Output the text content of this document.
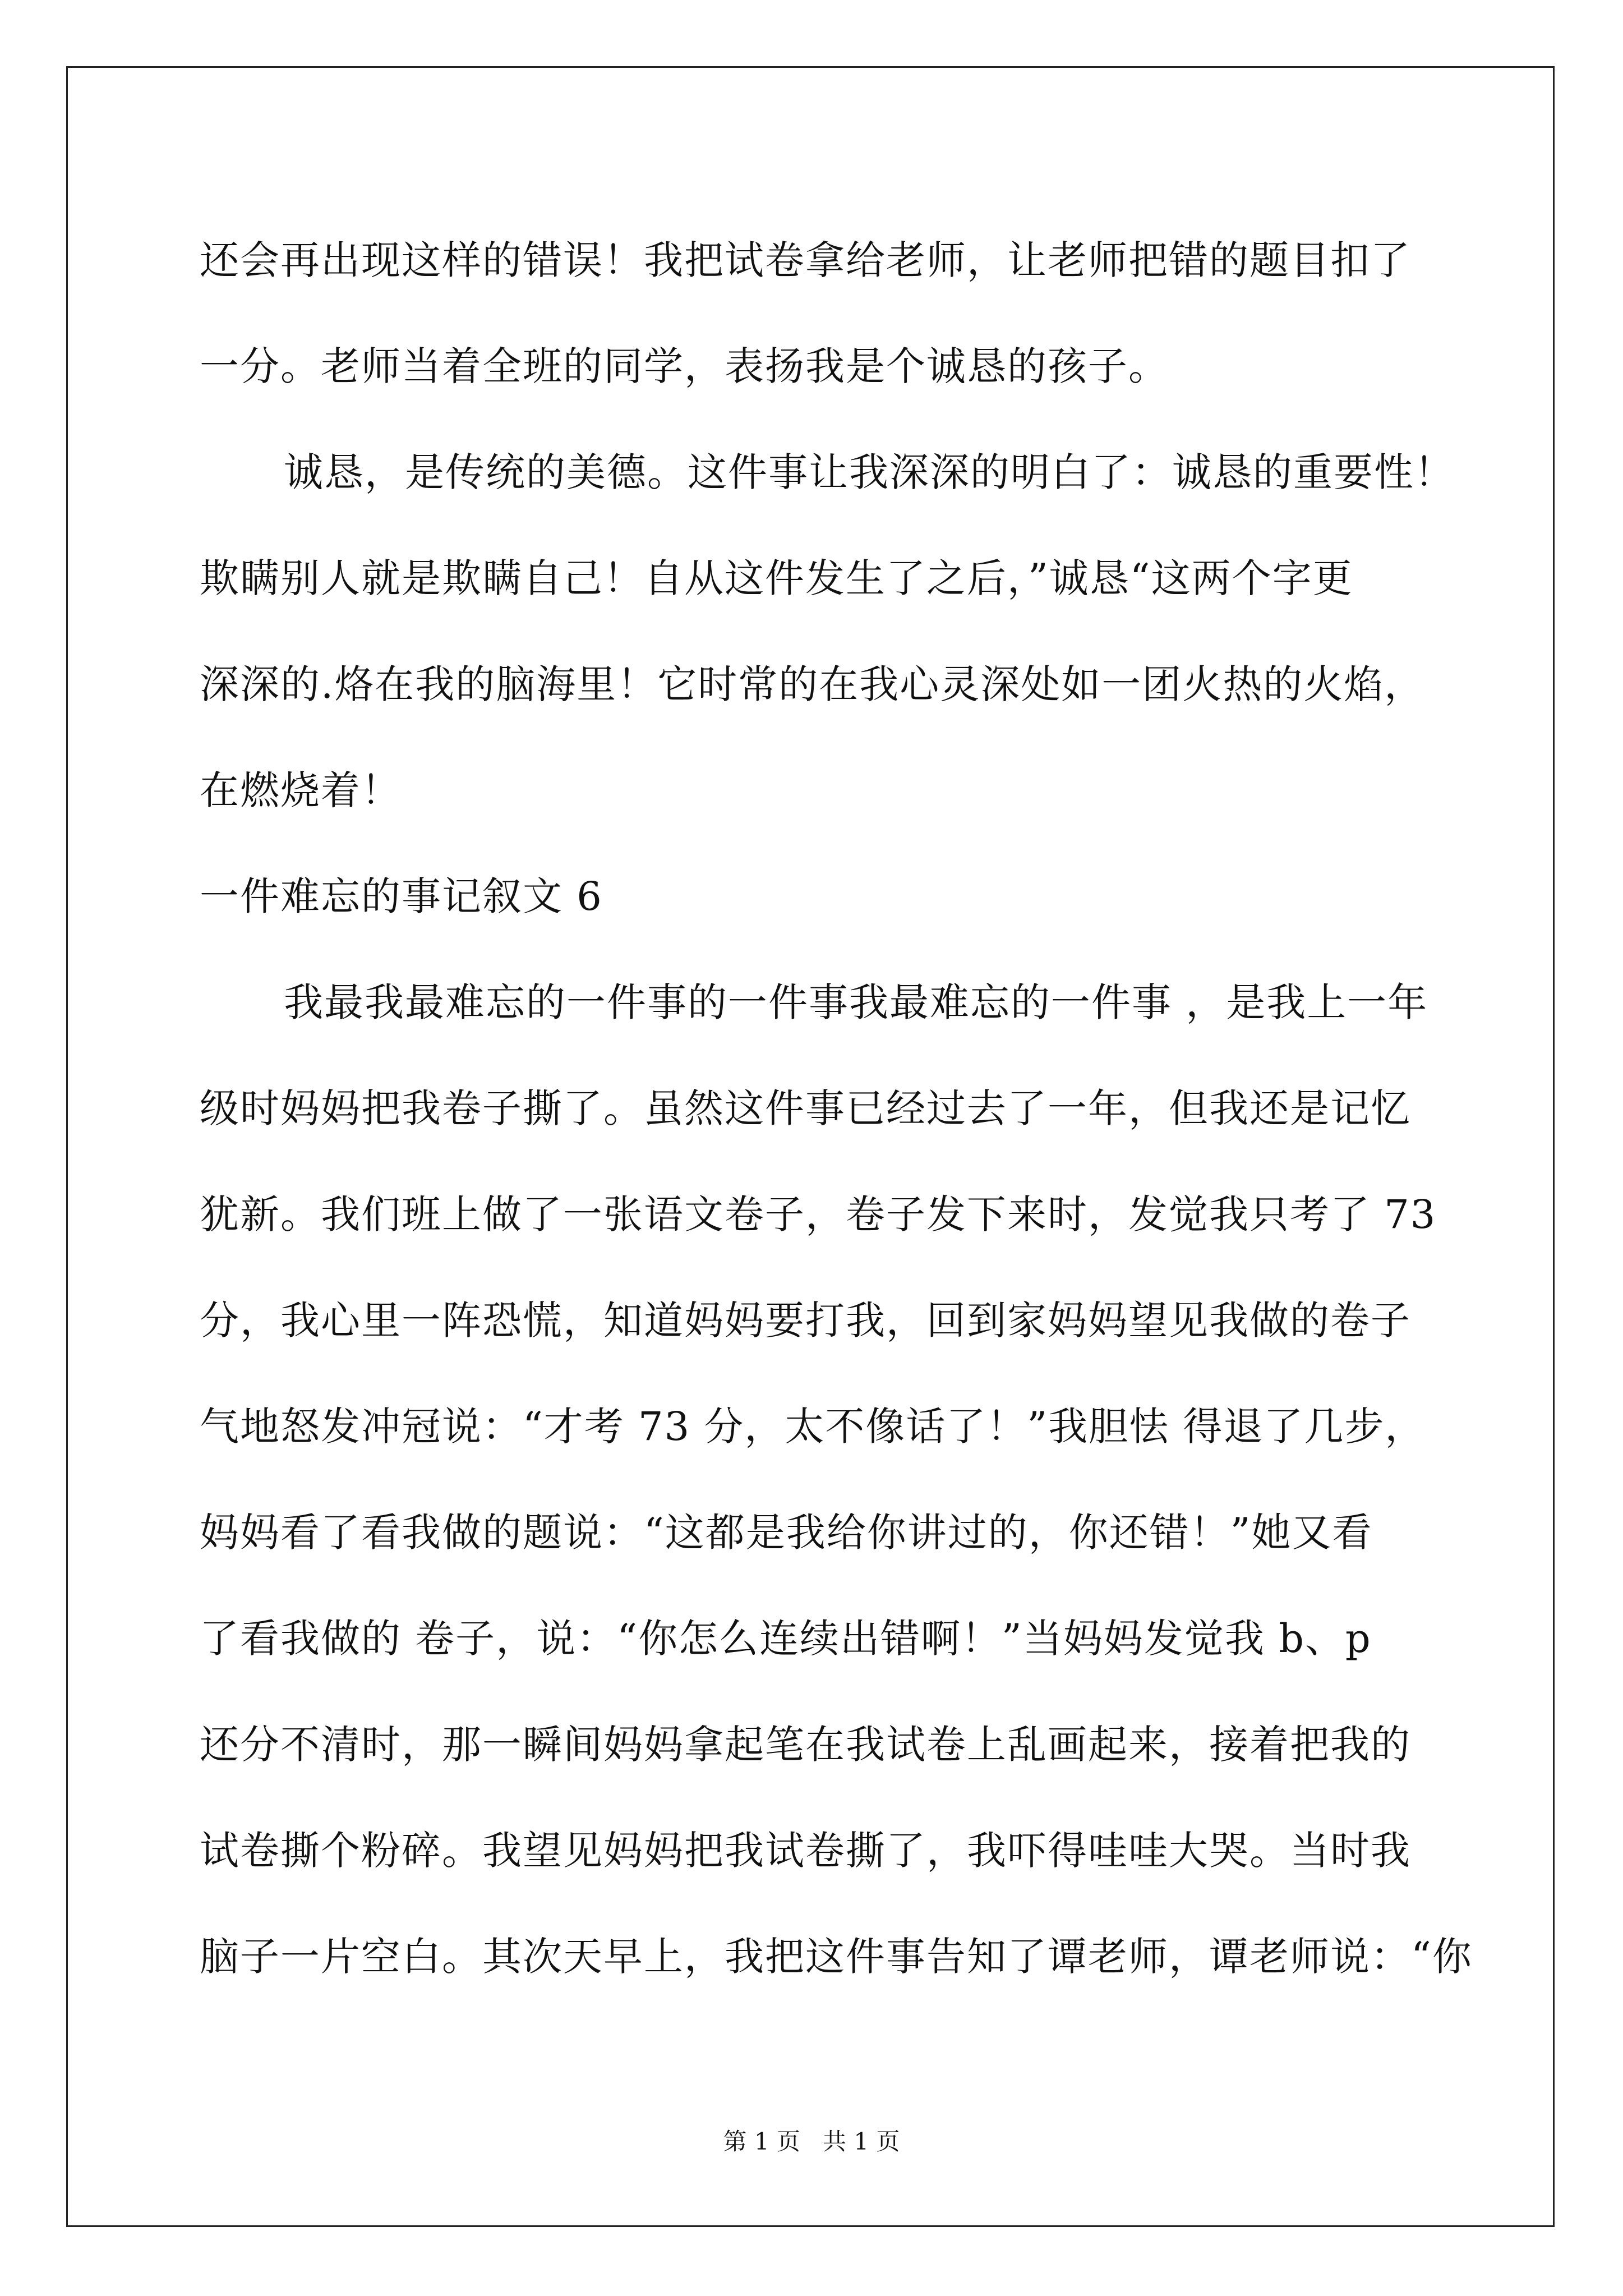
还会再出现这样的错误！我把试卷拿给老师，让老师把错的题目扣了
一分。老师当着全班的同学，表扬我是个诚恳的孩子。
诚恳，是传统的美德。这件事让我深深的明白了：诚恳的重要性！
欺瞒别人就是欺瞒自己！自从这件发生了之后，”诚恳“这两个字更
深深的.烙在我的脑海里！它时常的在我心灵深处如一团火热的火焰，
在燃烧着！
一件难忘的事记叙文 6
我最我最难忘的一件事的一件事我最难忘的一件事 ，是我上一年
级时妈妈把我卷子撕了。虽然这件事已经过去了一年，但我还是记忆
犹新。我们班上做了一张语文卷子，卷子发下来时，发觉我只考了 73
分，我心里一阵恐慌，知道妈妈要打我，回到家妈妈望见我做的卷子
气地怒发冲冠说：“才考 73 分，太不像话了！”我胆怯 得退了几步，
妈妈看了看我做的题说：“这都是我给你讲过的，你还错！”她又看
了看我做的 卷子，说：“你怎么连续出错啊！”当妈妈发觉我 b、p
还分不清时，那一瞬间妈妈拿起笔在我试卷上乱画起来，接着把我的
试卷撕个粉碎。我望见妈妈把我试卷撕了，我吓得哇哇大哭。当时我
脑子一片空白。其次天早上，我把这件事告知了谭老师，谭老师说：“你
第 1 页   共 1 页
